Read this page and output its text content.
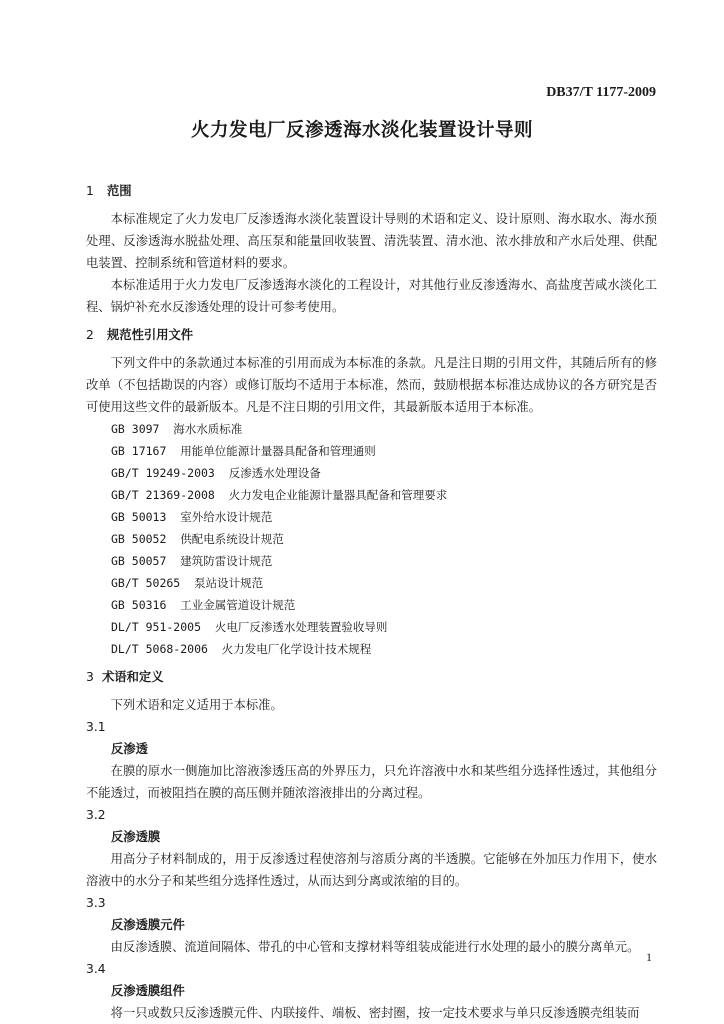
DB37/T 1177-2009
火力发电厂反渗透海水淡化装置设计导则

1 范围

本标准规定了火力发电厂反渗透海水淡化装置设计导则的术语和定义、设计原则、海水取水、海水预处理、反渗透海水脱盐处理、高压泵和能量回收装置、清洗装置、清水池、浓水排放和产水后处理、供配电装置、控制系统和管道材料的要求。

本标准适用于火力发电厂反渗透海水淡化的工程设计，对其他行业反渗透海水、高盐度苦咸水淡化工程、锅炉补充水反渗透处理的设计可参考使用。

2 规范性引用文件

下列文件中的条款通过本标准的引用而成为本标准的条款。凡是注日期的引用文件，其随后所有的修改单（不包括勘误的内容）或修订版均不适用于本标准，然而，鼓励根据本标准达成协议的各方研究是否可使用这些文件的最新版本。凡是不注日期的引用文件，其最新版本适用于本标准。

GB 3097  海水水质标准

GB 17167  用能单位能源计量器具配备和管理通则

GB/T 19249-2003  反渗透水处理设备

GB/T 21369-2008  火力发电企业能源计量器具配备和管理要求

GB 50013  室外给水设计规范

GB 50052  供配电系统设计规范

GB 50057  建筑防雷设计规范

GB/T 50265  泵站设计规范

GB 50316  工业金属管道设计规范

DL/T 951-2005  火电厂反渗透水处理装置验收导则

DL/T 5068-2006  火力发电厂化学设计技术规程

3 术语和定义

下列术语和定义适用于本标准。

3.1

反渗透

在膜的原水一侧施加比溶液渗透压高的外界压力，只允许溶液中水和某些组分选择性透过，其他组分不能透过，而被阻挡在膜的高压侧并随浓溶液排出的分离过程。

3.2

反渗透膜

用高分子材料制成的，用于反渗透过程使溶剂与溶质分离的半透膜。它能够在外加压力作用下，使水溶液中的水分子和某些组分选择性透过，从而达到分离或浓缩的目的。

3.3

反渗透膜元件

由反渗透膜、流道间隔体、带孔的中心管和支撑材料等组装成能进行水处理的最小的膜分离单元。

3.4

反渗透膜组件

将一只或数只反渗透膜元件、内联接件、端板、密封圈，按一定技术要求与单只反渗透膜壳组装而

1
